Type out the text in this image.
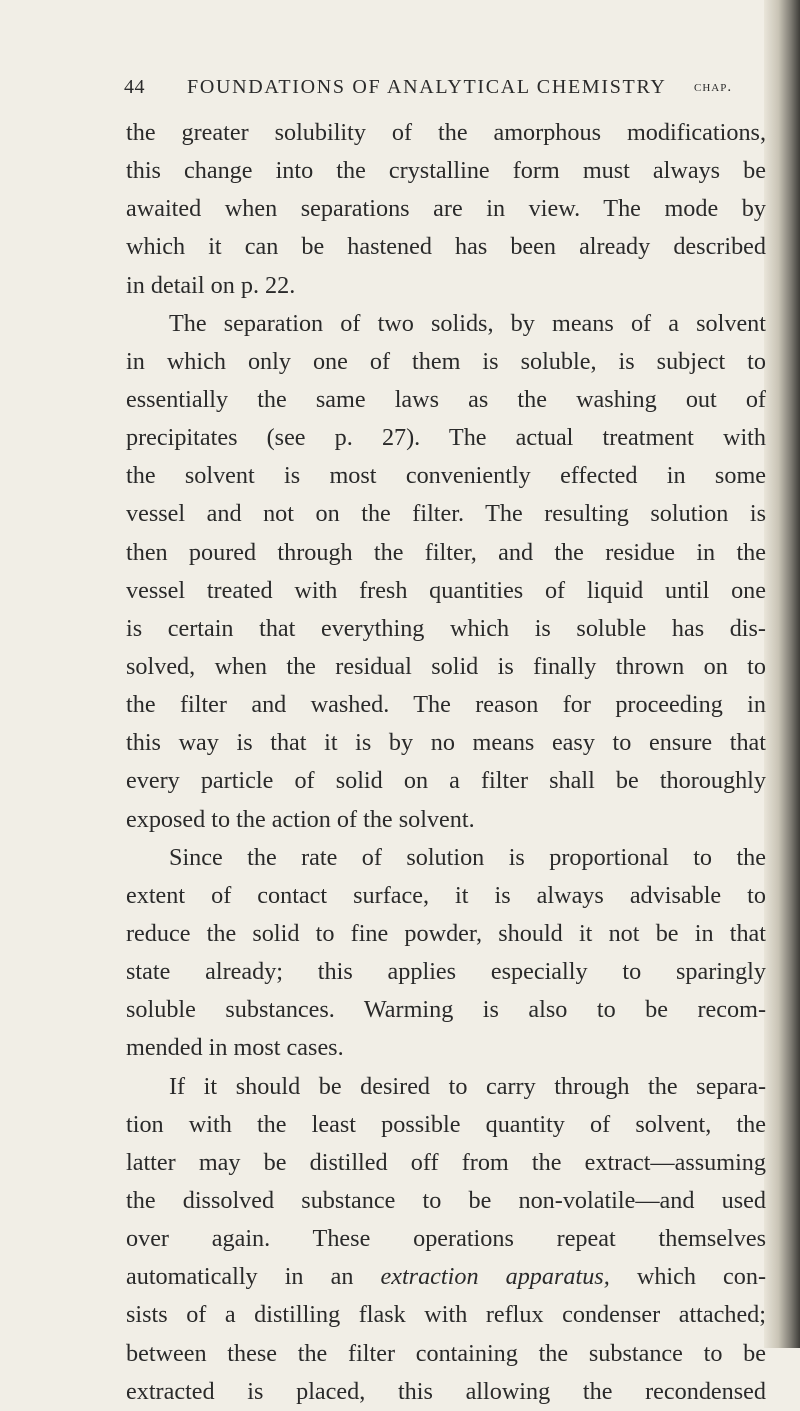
44 FOUNDATIONS OF ANALYTICAL CHEMISTRY chap.
the greater solubility of the amorphous modifications,
this change into the crystalline form must always be
awaited when separations are in view. The mode by
which it can be hastened has been already described
in detail on p. 22.
The separation of two solids, by means of a solvent
in which only one of them is soluble, is subject to
essentially the same laws as the washing out of
precipitates (see p. 27). The actual treatment with
the solvent is most conveniently effected in some
vessel and not on the filter. The resulting solution is
then poured through the filter, and the residue in the
vessel treated with fresh quantities of liquid until one
is certain that everything which is soluble has dis-
solved, when the residual solid is finally thrown on to
the filter and washed. The reason for proceeding in
this way is that it is by no means easy to ensure that
every particle of solid on a filter shall be thoroughly
exposed to the action of the solvent.
Since the rate of solution is proportional to the
extent of contact surface, it is always advisable to
reduce the solid to fine powder, should it not be in that
state already; this applies especially to sparingly
soluble substances. Warming is also to be recom-
mended in most cases.
If it should be desired to carry through the separa-
tion with the least possible quantity of solvent, the
latter may be distilled off from the extract—assuming
the dissolved substance to be non-volatile—and used
over again. These operations repeat themselves
automatically in an extraction apparatus, which con-
sists of a distilling flask with reflux condenser attached;
between these the filter containing the substance to be
extracted is placed, this allowing the recondensed
